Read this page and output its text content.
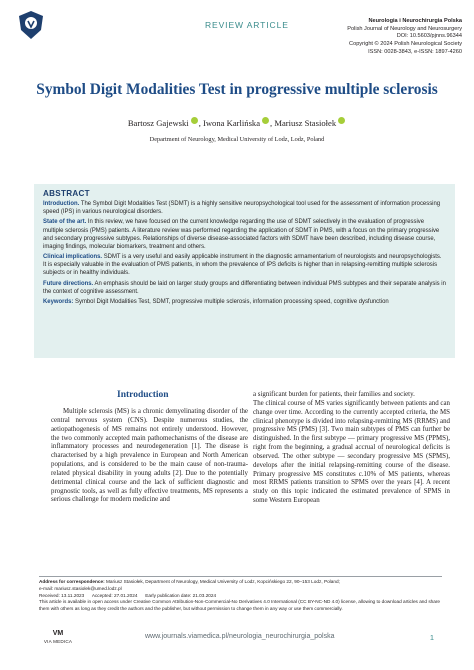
REVIEW ARTICLE	Neurologia i Neurochirurgia Polska
Polish Journal of Neurology and Neurosurgery
DOI: 10.5603/pjnns.96344
Copyright © 2024 Polish Neurological Society
ISSN: 0028-3843, e-ISSN: 1897-4260
Symbol Digit Modalities Test in progressive multiple sclerosis
Bartosz Gajewski , Iwona Karlińska , Mariusz Stasiołek
Department of Neurology, Medical University of Lodz, Lodz, Poland
ABSTRACT
Introduction. The Symbol Digit Modalities Test (SDMT) is a highly sensitive neuropsychological tool used for the assessment of information processing speed (IPS) in various neurological disorders.
State of the art. In this review, we have focused on the current knowledge regarding the use of SDMT selectively in the evaluation of progressive multiple sclerosis (PMS) patients. A literature review was performed regarding the application of SDMT in PMS, with a focus on the primary progressive and secondary progressive subtypes. Relationships of diverse disease-associated factors with SDMT have been described, including disease course, imaging findings, molecular biomarkers, treatment and others.
Clinical implications. SDMT is a very useful and easily applicable instrument in the diagnostic armamentarium of neurologists and neuropsychologists. It is especially valuable in the evaluation of PMS patients, in whom the prevalence of IPS deficits is higher than in relapsing-remitting multiple sclerosis subjects or in healthy individuals.
Future directions. An emphasis should be laid on larger study groups and differentiating between individual PMS subtypes and their separate analysis in the context of cognitive assessment.
Keywords: Symbol Digit Modalities Test, SDMT, progressive multiple sclerosis, information processing speed, cognitive dysfunction
Introduction

Multiple sclerosis (MS) is a chronic demyelinating disorder of the central nervous system (CNS). Despite numerous studies, the aetiopathogenesis of MS remains not entirely understood. However, the two commonly accepted main pathomechanisms of the disease are inflammatory processes and neurodegeneration [1]. The disease is characterised by a high prevalence in European and North American populations, and is considered to be the main cause of non-trauma-related physical disability in young adults [2]. Due to the potentially detrimental clinical course and the lack of sufficient diagnostic and prognostic tools, as well as fully effective treatments, MS represents a serious challenge for modern medicine and

a significant burden for patients, their families and society.
The clinical course of MS varies significantly between patients and can change over time. According to the currently accepted criteria, the MS clinical phenotype is divided into relapsing-remitting MS (RRMS) and progressive MS (PMS) [3]. Two main subtypes of PMS can further be distinguished. In the first subtype — primary progressive MS (PPMS), right from the beginning, a gradual accrual of neurological deficits is observed. The other subtype — secondary progressive MS (SPMS), develops after the initial relapsing-remitting course of the disease. Primary progressive MS constitutes c.10% of MS patients, whereas most RRMS patients transition to SPMS over the years [4]. A recent study on this topic indicated the estimated prevalence of SPMS in some Western European

Address for correspondence: Mariusz Stasiołek, Department of Neurology, Medical University of Lodz, Kopcińskiego 22, 90–153 Lodz, Poland;
e-mail: mariusz.stasiolek@umed.lodz.pl
Received: 13.11.2023      Accepted: 27.01.2024      Early publication date: 21.03.2024
This article is available in open access under Creative Common Attribution-Non-Commercial-No Derivatives 4.0 International (CC BY-NC-ND 4.0) license, allowing to download articles and share them with others as long as they credit the authors and the publisher, but without permission to change them in any way or use them commercially.
VM
VIA MEDICA
www.journals.viamedica.pl/neurologia_neurochirurgia_polska	1
